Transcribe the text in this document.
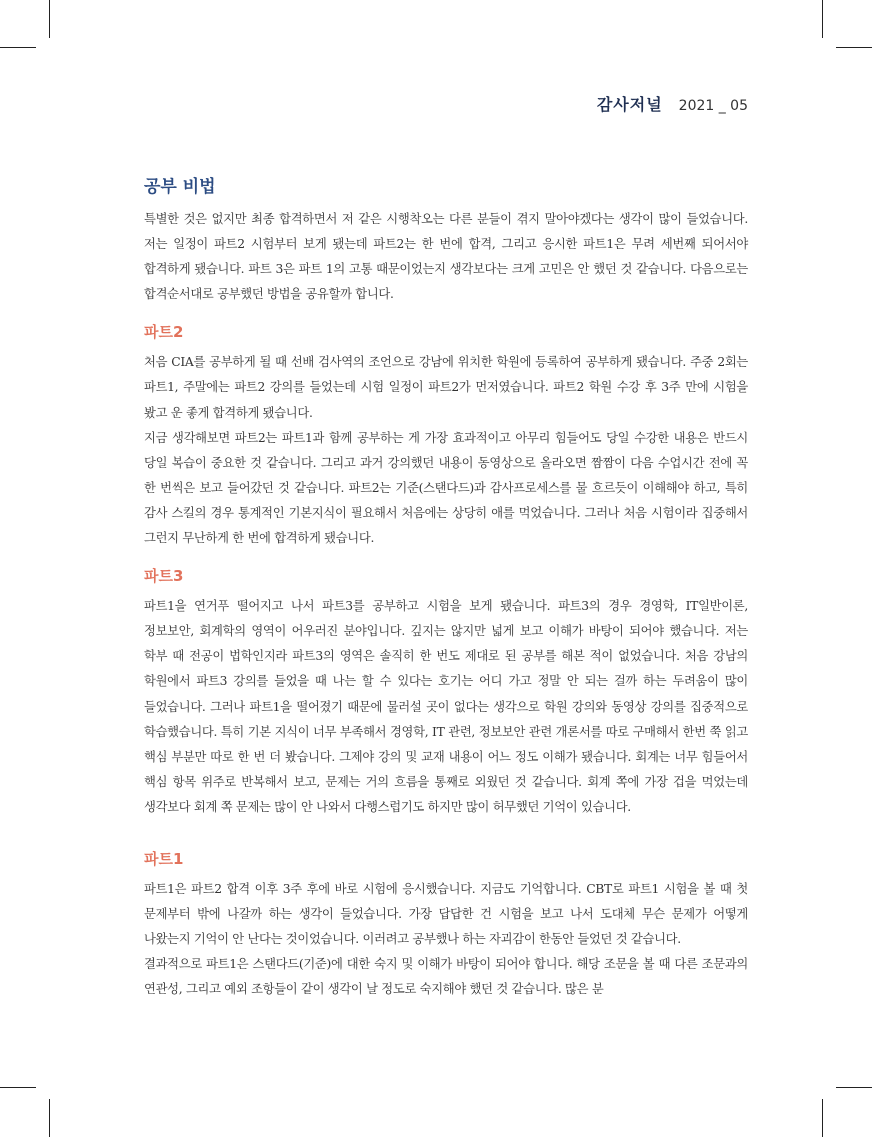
감사저널 2021 _ 05
공부 비법

특별한 것은 없지만 최종 합격하면서 저 같은 시행착오는 다른 분들이 겪지 말아야겠다는 생각이 많이 들었습니다. 저는 일정이 파트2 시험부터 보게 됐는데 파트2는 한 번에 합격, 그리고 응시한 파트1은 무려 세번째 되어서야 합격하게 됐습니다. 파트 3은 파트 1의 고통 때문이었는지 생각보다는 크게 고민은 안 했던 것 같습니다. 다음으로는 합격순서대로 공부했던 방법을 공유할까 합니다.

파트2

처음 CIA를 공부하게 될 때 선배 검사역의 조언으로 강남에 위치한 학원에 등록하여 공부하게 됐습니다. 주중 2회는 파트1, 주말에는 파트2 강의를 들었는데 시험 일정이 파트2가 먼저였습니다. 파트2 학원 수강 후 3주 만에 시험을 봤고 운 좋게 합격하게 됐습니다.

지금 생각해보면 파트2는 파트1과 함께 공부하는 게 가장 효과적이고 아무리 힘들어도 당일 수강한 내용은 반드시 당일 복습이 중요한 것 같습니다. 그리고 과거 강의했던 내용이 동영상으로 올라오면 짬짬이 다음 수업시간 전에 꼭 한 번씩은 보고 들어갔던 것 같습니다. 파트2는 기준(스탠다드)과 감사프로세스를 물 흐르듯이 이해해야 하고, 특히 감사 스킬의 경우 통계적인 기본지식이 필요해서 처음에는 상당히 애를 먹었습니다. 그러나 처음 시험이라 집중해서 그런지 무난하게 한 번에 합격하게 됐습니다.

파트3

파트1을 연거푸 떨어지고 나서 파트3를 공부하고 시험을 보게 됐습니다. 파트3의 경우 경영학, IT일반이론, 정보보안, 회계학의 영역이 어우러진 분야입니다. 깊지는 않지만 넓게 보고 이해가 바탕이 되어야 했습니다. 저는 학부 때 전공이 법학인지라 파트3의 영역은 솔직히 한 번도 제대로 된 공부를 해본 적이 없었습니다. 처음 강남의 학원에서 파트3 강의를 들었을 때 나는 할 수 있다는 호기는 어디 가고 정말 안 되는 걸까 하는 두려움이 많이 들었습니다. 그러나 파트1을 떨어졌기 때문에 물러설 곳이 없다는 생각으로 학원 강의와 동영상 강의를 집중적으로 학습했습니다. 특히 기본 지식이 너무 부족해서 경영학, IT 관련, 정보보안 관련 개론서를 따로 구매해서 한번 쭉 읽고 핵심 부분만 따로 한 번 더 봤습니다. 그제야 강의 및 교재 내용이 어느 정도 이해가 됐습니다. 회계는 너무 힘들어서 핵심 항목 위주로 반복해서 보고, 문제는 거의 흐름을 통째로 외웠던 것 같습니다. 회계 쪽에 가장 겁을 먹었는데 생각보다 회계 쪽 문제는 많이 안 나와서 다행스럽기도 하지만 많이 허무했던 기억이 있습니다.

파트1

파트1은 파트2 합격 이후 3주 후에 바로 시험에 응시했습니다. 지금도 기억합니다. CBT로 파트1 시험을 볼 때 첫 문제부터 밖에 나갈까 하는 생각이 들었습니다. 가장 답답한 건 시험을 보고 나서 도대체 무슨 문제가 어떻게 나왔는지 기억이 안 난다는 것이었습니다. 이러려고 공부했나 하는 자괴감이 한동안 들었던 것 같습니다.

결과적으로 파트1은 스탠다드(기준)에 대한 숙지 및 이해가 바탕이 되어야 합니다. 해당 조문을 볼 때 다른 조문과의 연관성, 그리고 예외 조항들이 같이 생각이 날 정도로 숙지해야 했던 것 같습니다. 많은 분
